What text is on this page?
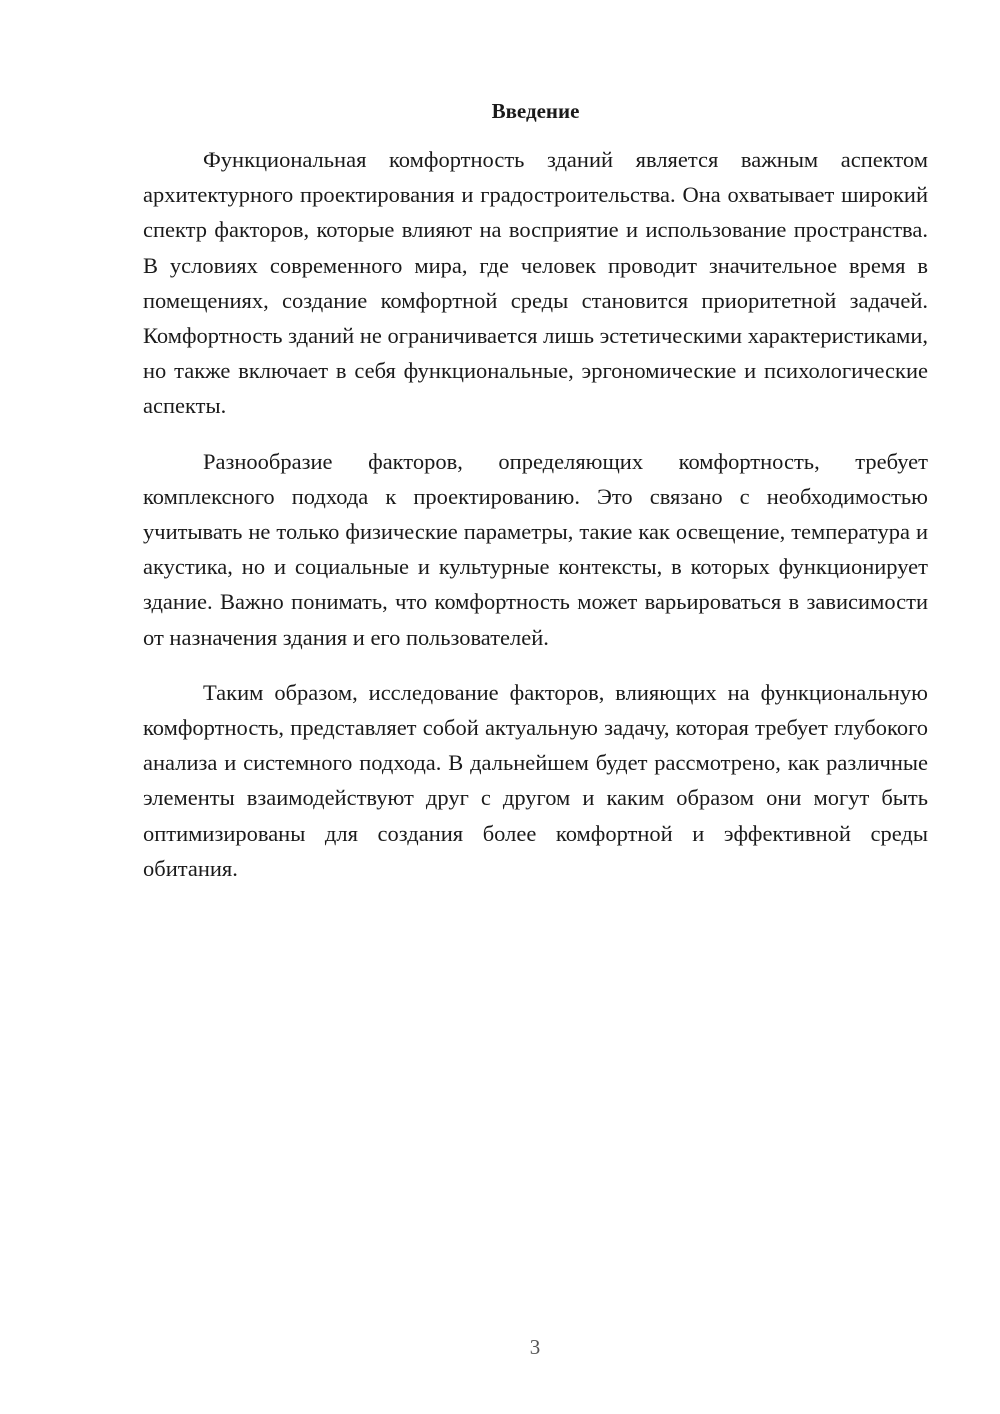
Введение

Функциональная комфортность зданий является важным аспектом архитектурного проектирования и градостроительства. Она охватывает широкий спектр факторов, которые влияют на восприятие и использование пространства. В условиях современного мира, где человек проводит значительное время в помещениях, создание комфортной среды становится приоритетной задачей. Комфортность зданий не ограничивается лишь эстетическими характеристиками, но также включает в себя функциональные, эргономические и психологические аспекты.

Разнообразие факторов, определяющих комфортность, требует комплексного подхода к проектированию. Это связано с необходимостью учитывать не только физические параметры, такие как освещение, температура и акустика, но и социальные и культурные контексты, в которых функционирует здание. Важно понимать, что комфортность может варьироваться в зависимости от назначения здания и его пользователей.

Таким образом, исследование факторов, влияющих на функциональную комфортность, представляет собой актуальную задачу, которая требует глубокого анализа и системного подхода. В дальнейшем будет рассмотрено, как различные элементы взаимодействуют друг с другом и каким образом они могут быть оптимизированы для создания более комфортной и эффективной среды обитания.

3
